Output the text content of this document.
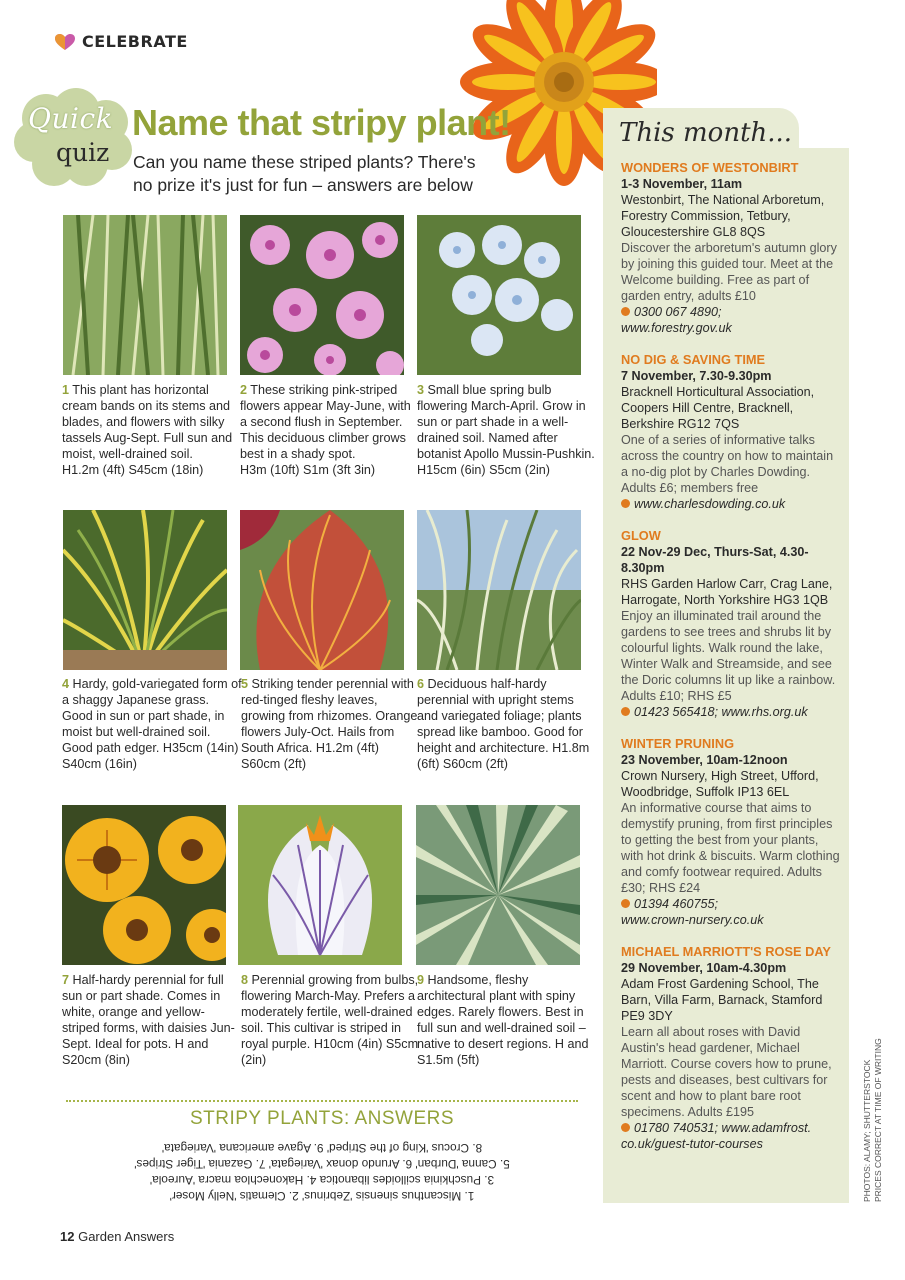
CELEBRATE
Quick
quiz
Name that stripy plant!

Can you name these striped plants? There's no prize it's just for fun – answers are below

1 This plant has horizontal cream bands on its stems and blades, and flowers with silky tassels Aug-Sept. Full sun and moist, well-drained soil.
H1.2m (4ft) S45cm (18in)
2 These striking pink-striped flowers appear May-June, with a second flush in September. This deciduous climber grows best in a shady spot.
H3m (10ft) S1m (3ft 3in)
3 Small blue spring bulb flowering March-April. Grow in sun or part shade in a well-drained soil. Named after botanist Apollo Mussin-Pushkin.
H15cm (6in) S5cm (2in)
4 Hardy, gold-variegated form of a shaggy Japanese grass. Good in sun or part shade, in moist but well-drained soil. Good path edger. H35cm (14in) S40cm (16in)
5 Striking tender perennial with red-tinged fleshy leaves, growing from rhizomes. Orange flowers July-Oct. Hails from South Africa. H1.2m (4ft) S60cm (2ft)
6 Deciduous half-hardy perennial with upright stems and variegated foliage; plants spread like bamboo. Good for height and architecture. H1.8m (6ft) S60cm (2ft)
7 Half-hardy perennial for full sun or part shade. Comes in white, orange and yellow-striped forms, with daisies Jun-Sept. Ideal for pots. H and S20cm (8in)
8 Perennial growing from bulbs, flowering March-May. Prefers a moderately fertile, well-drained soil. This cultivar is striped in royal purple. H10cm (4in) S5cm (2in)
9 Handsome, fleshy architectural plant with spiny edges. Rarely flowers. Best in full sun and well-drained soil – native to desert regions. H and S1.5m (5ft)
STRIPY PLANTS: ANSWERS
1. Miscanthus sinensis 'Zebrinus' 2. Clematis 'Nelly Moser'
3. Puschkinia scilloides libanotica 4. Hakonechloa macra 'Aureola'
5. Canna 'Durban' 6. Arundo donax 'Variegata' 7. Gazania 'Tiger Stripes'
8. Crocus 'King of the Striped' 9. Agave americana 'Variegata'
12 Garden Answers
This month...
WONDERS OF WESTONBIRT
1-3 November, 11am
Westonbirt, The National Arboretum, Forestry Commission, Tetbury, Gloucestershire GL8 8QS
Discover the arboretum's autumn glory by joining this guided tour. Meet at the Welcome building. Free as part of garden entry, adults £10
0300 067 4890;
www.forestry.gov.uk
NO DIG & SAVING TIME
7 November, 7.30-9.30pm
Bracknell Horticultural Association, Coopers Hill Centre, Bracknell, Berkshire RG12 7QS
One of a series of informative talks across the country on how to maintain a no-dig plot by Charles Dowding. Adults £6; members free
www.charlesdowding.co.uk
GLOW
22 Nov-29 Dec, Thurs-Sat, 4.30-8.30pm
RHS Garden Harlow Carr, Crag Lane, Harrogate, North Yorkshire HG3 1QB
Enjoy an illuminated trail around the gardens to see trees and shrubs lit by colourful lights. Walk round the lake, Winter Walk and Streamside, and see the Doric columns lit up like a rainbow. Adults £10; RHS £5
01423 565418; www.rhs.org.uk
WINTER PRUNING
23 November, 10am-12noon
Crown Nursery, High Street, Ufford, Woodbridge, Suffolk IP13 6EL
An informative course that aims to demystify pruning, from first principles to getting the best from your plants, with hot drink & biscuits. Warm clothing and comfy footwear required. Adults £30; RHS £24
01394 460755;
www.crown-nursery.co.uk
MICHAEL MARRIOTT'S ROSE DAY
29 November, 10am-4.30pm
Adam Frost Gardening School, The Barn, Villa Farm, Barnack, Stamford PE9 3DY
Learn all about roses with David Austin's head gardener, Michael Marriott. Course covers how to prune, pests and diseases, best cultivars for scent and how to plant bare root specimens. Adults £195
01780 740531; www.adamfrost.
co.uk/guest-tutor-courses	PHOTOS: ALAMY; SHUTTERSTOCK PRICES CORRECT AT TIME OF WRITING
